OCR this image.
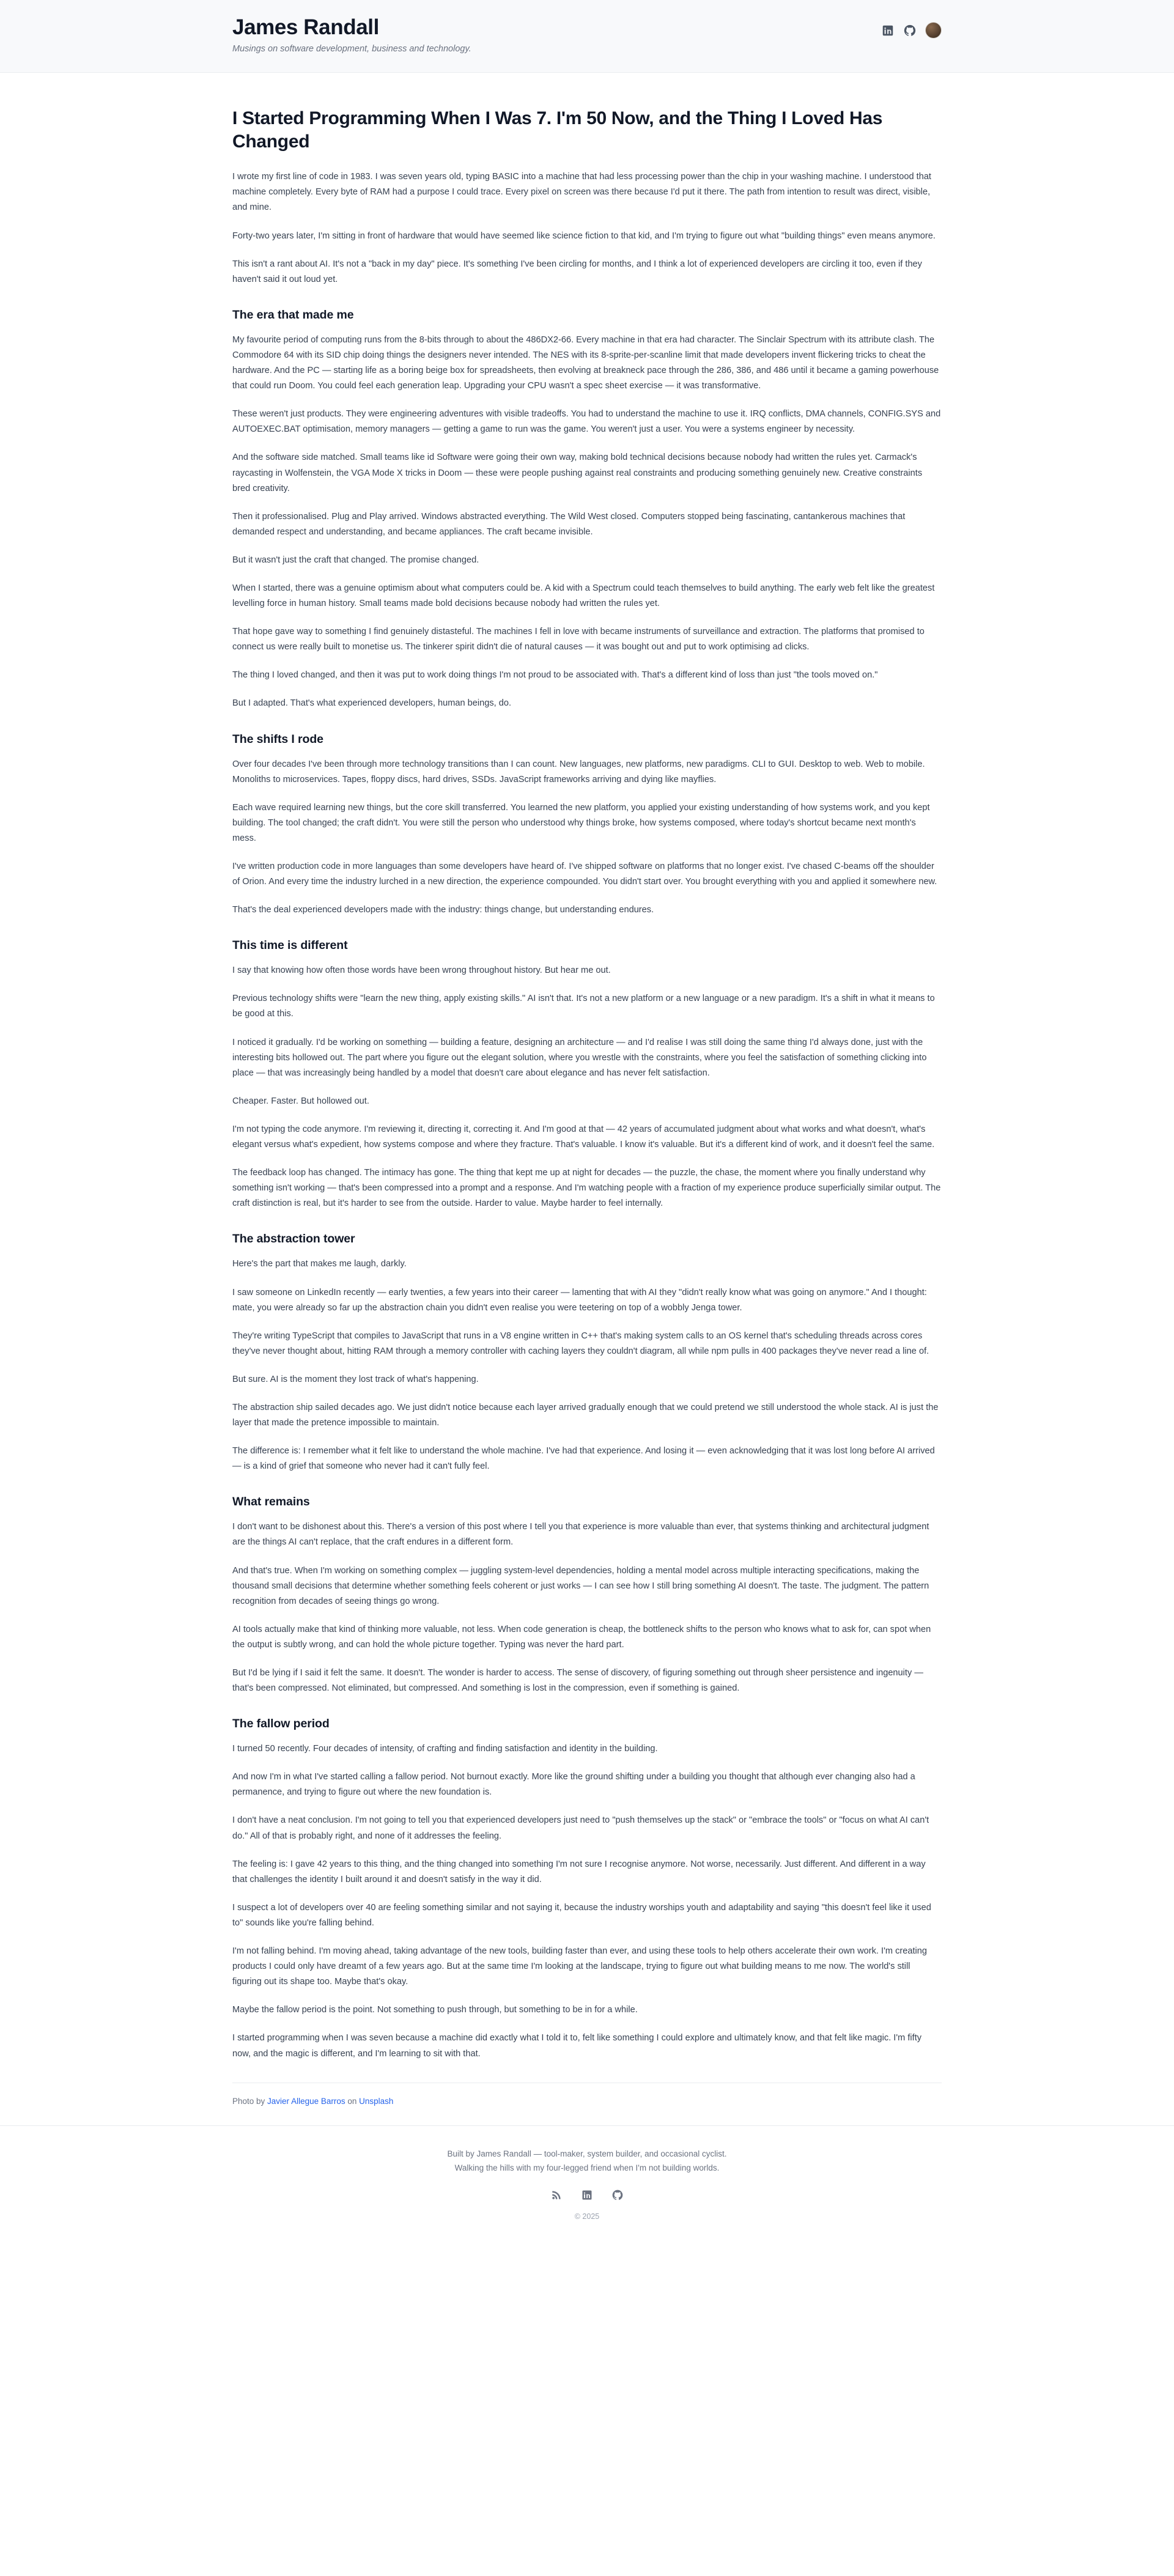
James Randall

Musings on software development, business and technology.

I Started Programming When I Was 7. I'm 50 Now, and the Thing I Loved Has Changed

I wrote my first line of code in 1983. I was seven years old, typing BASIC into a machine that had less processing power than the chip in your washing machine. I understood that machine completely. Every byte of RAM had a purpose I could trace. Every pixel on screen was there because I'd put it there. The path from intention to result was direct, visible, and mine.

Forty-two years later, I'm sitting in front of hardware that would have seemed like science fiction to that kid, and I'm trying to figure out what "building things" even means anymore.

This isn't a rant about AI. It's not a "back in my day" piece. It's something I've been circling for months, and I think a lot of experienced developers are circling it too, even if they haven't said it out loud yet.

The era that made me

My favourite period of computing runs from the 8-bits through to about the 486DX2-66. Every machine in that era had character. The Sinclair Spectrum with its attribute clash. The Commodore 64 with its SID chip doing things the designers never intended. The NES with its 8-sprite-per-scanline limit that made developers invent flickering tricks to cheat the hardware. And the PC — starting life as a boring beige box for spreadsheets, then evolving at breakneck pace through the 286, 386, and 486 until it became a gaming powerhouse that could run Doom. You could feel each generation leap. Upgrading your CPU wasn't a spec sheet exercise — it was transformative.

These weren't just products. They were engineering adventures with visible tradeoffs. You had to understand the machine to use it. IRQ conflicts, DMA channels, CONFIG.SYS and AUTOEXEC.BAT optimisation, memory managers — getting a game to run was the game. You weren't just a user. You were a systems engineer by necessity.

And the software side matched. Small teams like id Software were going their own way, making bold technical decisions because nobody had written the rules yet. Carmack's raycasting in Wolfenstein, the VGA Mode X tricks in Doom — these were people pushing against real constraints and producing something genuinely new. Creative constraints bred creativity.

Then it professionalised. Plug and Play arrived. Windows abstracted everything. The Wild West closed. Computers stopped being fascinating, cantankerous machines that demanded respect and understanding, and became appliances. The craft became invisible.

But it wasn't just the craft that changed. The promise changed.

When I started, there was a genuine optimism about what computers could be. A kid with a Spectrum could teach themselves to build anything. The early web felt like the greatest levelling force in human history. Small teams made bold decisions because nobody had written the rules yet.

That hope gave way to something I find genuinely distasteful. The machines I fell in love with became instruments of surveillance and extraction. The platforms that promised to connect us were really built to monetise us. The tinkerer spirit didn't die of natural causes — it was bought out and put to work optimising ad clicks.

The thing I loved changed, and then it was put to work doing things I'm not proud to be associated with. That's a different kind of loss than just "the tools moved on."

But I adapted. That's what experienced developers, human beings, do.

The shifts I rode

Over four decades I've been through more technology transitions than I can count. New languages, new platforms, new paradigms. CLI to GUI. Desktop to web. Web to mobile. Monoliths to microservices. Tapes, floppy discs, hard drives, SSDs. JavaScript frameworks arriving and dying like mayflies.

Each wave required learning new things, but the core skill transferred. You learned the new platform, you applied your existing understanding of how systems work, and you kept building. The tool changed; the craft didn't. You were still the person who understood why things broke, how systems composed, where today's shortcut became next month's mess.

I've written production code in more languages than some developers have heard of. I've shipped software on platforms that no longer exist. I've chased C-beams off the shoulder of Orion. And every time the industry lurched in a new direction, the experience compounded. You didn't start over. You brought everything with you and applied it somewhere new.

That's the deal experienced developers made with the industry: things change, but understanding endures.

This time is different

I say that knowing how often those words have been wrong throughout history. But hear me out.

Previous technology shifts were "learn the new thing, apply existing skills." AI isn't that. It's not a new platform or a new language or a new paradigm. It's a shift in what it means to be good at this.

I noticed it gradually. I'd be working on something — building a feature, designing an architecture — and I'd realise I was still doing the same thing I'd always done, just with the interesting bits hollowed out. The part where you figure out the elegant solution, where you wrestle with the constraints, where you feel the satisfaction of something clicking into place — that was increasingly being handled by a model that doesn't care about elegance and has never felt satisfaction.

Cheaper. Faster. But hollowed out.

I'm not typing the code anymore. I'm reviewing it, directing it, correcting it. And I'm good at that — 42 years of accumulated judgment about what works and what doesn't, what's elegant versus what's expedient, how systems compose and where they fracture. That's valuable. I know it's valuable. But it's a different kind of work, and it doesn't feel the same.

The feedback loop has changed. The intimacy has gone. The thing that kept me up at night for decades — the puzzle, the chase, the moment where you finally understand why something isn't working — that's been compressed into a prompt and a response. And I'm watching people with a fraction of my experience produce superficially similar output. The craft distinction is real, but it's harder to see from the outside. Harder to value. Maybe harder to feel internally.

The abstraction tower

Here's the part that makes me laugh, darkly.

I saw someone on LinkedIn recently — early twenties, a few years into their career — lamenting that with AI they "didn't really know what was going on anymore." And I thought: mate, you were already so far up the abstraction chain you didn't even realise you were teetering on top of a wobbly Jenga tower.

They're writing TypeScript that compiles to JavaScript that runs in a V8 engine written in C++ that's making system calls to an OS kernel that's scheduling threads across cores they've never thought about, hitting RAM through a memory controller with caching layers they couldn't diagram, all while npm pulls in 400 packages they've never read a line of.

But sure. AI is the moment they lost track of what's happening.

The abstraction ship sailed decades ago. We just didn't notice because each layer arrived gradually enough that we could pretend we still understood the whole stack. AI is just the layer that made the pretence impossible to maintain.

The difference is: I remember what it felt like to understand the whole machine. I've had that experience. And losing it — even acknowledging that it was lost long before AI arrived — is a kind of grief that someone who never had it can't fully feel.

What remains

I don't want to be dishonest about this. There's a version of this post where I tell you that experience is more valuable than ever, that systems thinking and architectural judgment are the things AI can't replace, that the craft endures in a different form.

And that's true. When I'm working on something complex — juggling system-level dependencies, holding a mental model across multiple interacting specifications, making the thousand small decisions that determine whether something feels coherent or just works — I can see how I still bring something AI doesn't. The taste. The judgment. The pattern recognition from decades of seeing things go wrong.

AI tools actually make that kind of thinking more valuable, not less. When code generation is cheap, the bottleneck shifts to the person who knows what to ask for, can spot when the output is subtly wrong, and can hold the whole picture together. Typing was never the hard part.

But I'd be lying if I said it felt the same. It doesn't. The wonder is harder to access. The sense of discovery, of figuring something out through sheer persistence and ingenuity — that's been compressed. Not eliminated, but compressed. And something is lost in the compression, even if something is gained.

The fallow period

I turned 50 recently. Four decades of intensity, of crafting and finding satisfaction and identity in the building.

And now I'm in what I've started calling a fallow period. Not burnout exactly. More like the ground shifting under a building you thought that although ever changing also had a permanence, and trying to figure out where the new foundation is.

I don't have a neat conclusion. I'm not going to tell you that experienced developers just need to "push themselves up the stack" or "embrace the tools" or "focus on what AI can't do." All of that is probably right, and none of it addresses the feeling.

The feeling is: I gave 42 years to this thing, and the thing changed into something I'm not sure I recognise anymore. Not worse, necessarily. Just different. And different in a way that challenges the identity I built around it and doesn't satisfy in the way it did.

I suspect a lot of developers over 40 are feeling something similar and not saying it, because the industry worships youth and adaptability and saying "this doesn't feel like it used to" sounds like you're falling behind.

I'm not falling behind. I'm moving ahead, taking advantage of the new tools, building faster than ever, and using these tools to help others accelerate their own work. I'm creating products I could only have dreamt of a few years ago. But at the same time I'm looking at the landscape, trying to figure out what building means to me now. The world's still figuring out its shape too. Maybe that's okay.

Maybe the fallow period is the point. Not something to push through, but something to be in for a while.

I started programming when I was seven because a machine did exactly what I told it to, felt like something I could explore and ultimately know, and that felt like magic. I'm fifty now, and the magic is different, and I'm learning to sit with that.

Photo by Javier Allegue Barros on Unsplash
Built by James Randall — tool-maker, system builder, and occasional cyclist.
Walking the hills with my four-legged friend when I'm not building worlds.
© 2025
